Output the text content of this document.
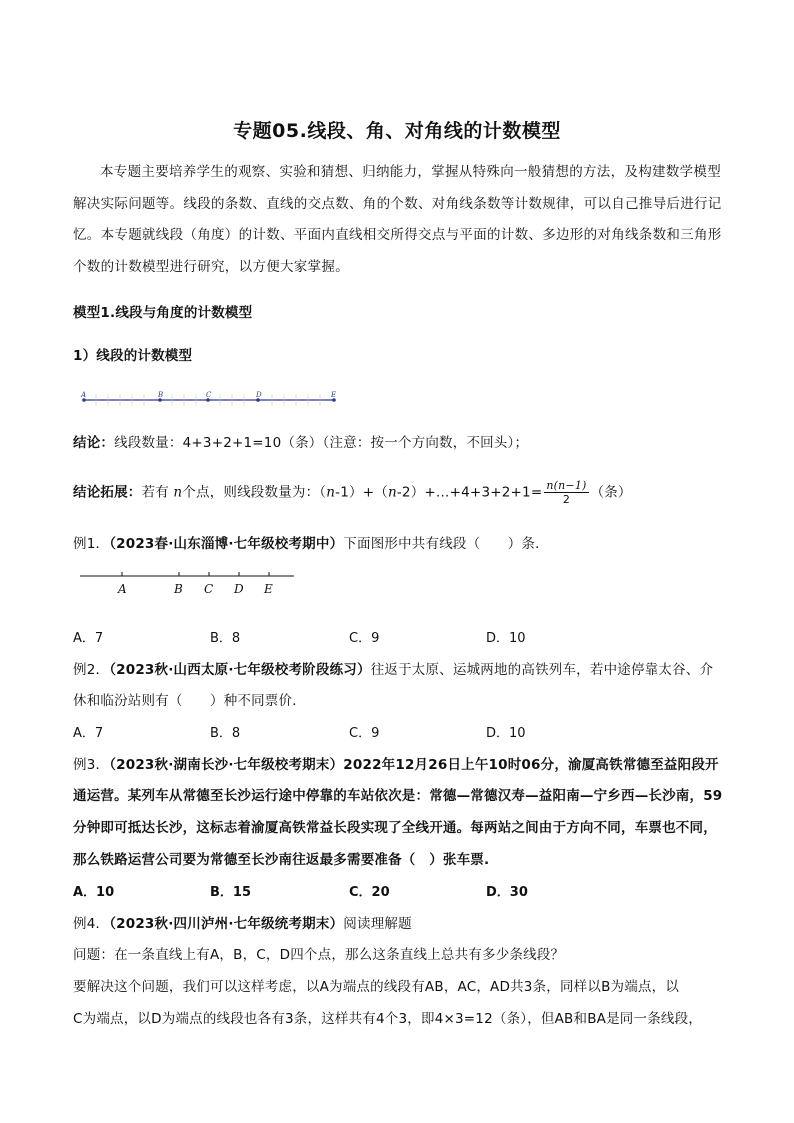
专题05.线段、角、对角线的计数模型

本专题主要培养学生的观察、实验和猜想、归纳能力，掌握从特殊向一般猜想的方法，及构建数学模型解决实际问题等。线段的条数、直线的交点数、角的个数、对角线条数等计数规律，可以自己推导后进行记忆。本专题就线段（角度）的计数、平面内直线相交所得交点与平面的计数、多边形的对角线条数和三角形个数的计数模型进行研究，以方便大家掌握。

模型1.线段与角度的计数模型
1）线段的计数模型
A	B	C	D	E
结论：线段数量：4+3+2+1=10（条）（注意：按一个方向数，不回头）；
结论拓展：若有 n个点，则线段数量为：（n-1）+（n-2）+…+4+3+2+1= $\frac{n(n-1)}{2}$ （条）
例1．（2023春·山东淄博·七年级校考期中）下面图形中共有线段（　　）条．
A	B C D E
A．7	B．8	C．9	D．10
例2．（2023秋·山西太原·七年级校考阶段练习）往返于太原、运城两地的高铁列车，若中途停靠太谷、介
休和临汾站则有（　　）种不同票价．
A．7	B．8	C．9	D．10
例3．（2023秋·湖南长沙·七年级校考期末）2022年12月26日上午10时06分，渝厦高铁常德至益阳段开
通运营。某列车从常德至长沙运行途中停靠的车站依次是：常德—常德汉寿—益阳南—宁乡西—长沙南，59
分钟即可抵达长沙，这标志着渝厦高铁常益长段实现了全线开通。每两站之间由于方向不同，车票也不同，
那么铁路运营公司要为常德至长沙南往返最多需要准备（　）张车票.
A．10	B．15	C．20	D．30
例4．（2023秋·四川泸州·七年级统考期末）阅读理解题
问题：在一条直线上有A，B，C，D四个点，那么这条直线上总共有多少条线段？
要解决这个问题，我们可以这样考虑，以A为端点的线段有AB，AC，AD共3条，同样以B为端点，以
C为端点，以D为端点的线段也各有3条，这样共有4个3，即4×3=12（条），但AB和BA是同一条线段，
